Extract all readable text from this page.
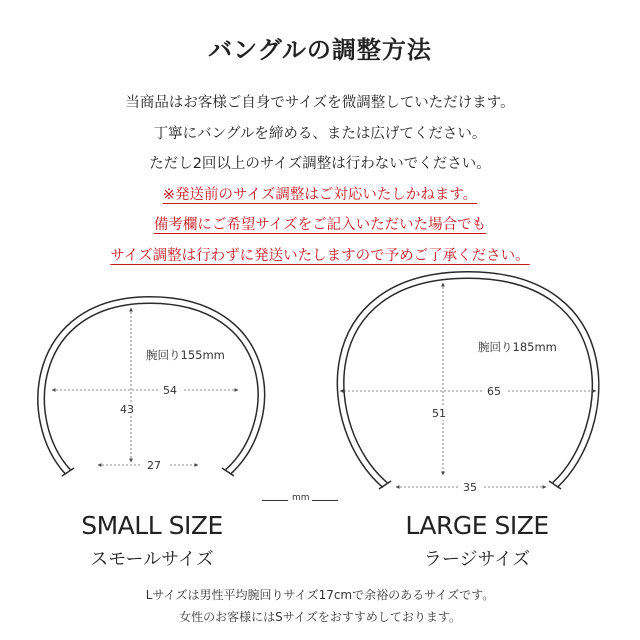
バングルの調整方法
当商品はお客様ご自身でサイズを微調整していただけます。
丁寧にバングルを締める、または広げてください。
ただし2回以上のサイズ調整は行わないでください。
※発送前のサイズ調整はご対応いたしかねます。
備考欄にご希望サイズをご記入いただいた場合でも
サイズ調整は行わずに発送いたしますので予めご了承ください。
腕回り155mm
54
43
27
腕回り185mm
65
51
35
mm
SMALL SIZE
スモールサイズ
LARGE SIZE
ラージサイズ
Lサイズは男性平均腕回りサイズ17cmで余裕のあるサイズです。
女性のお客様にはSサイズをおすすめしております。
